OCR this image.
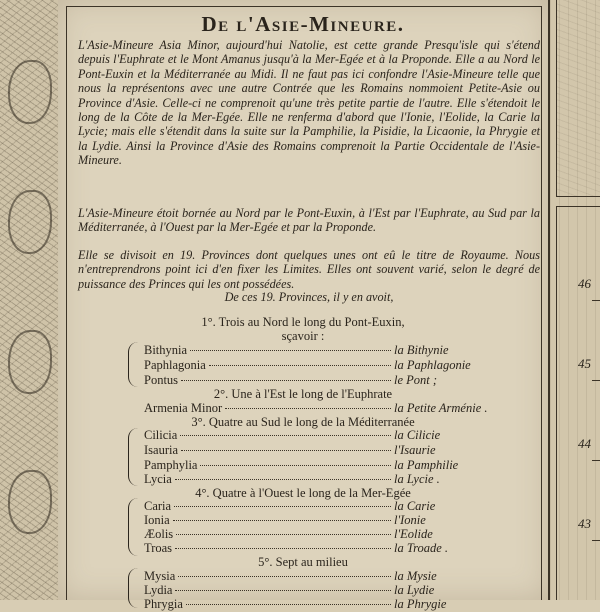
De l'Asie-Mineure.

L'Asie-Mineure Asia Minor, aujourd'hui Natolie, est cette grande Presqu'isle qui s'étend depuis l'Euphrate et le Mont Amanus jusqu'à la Mer-Egée et à la Proponde. Elle a au Nord le Pont-Euxin et la Méditerranée au Midi. Il ne faut pas ici confondre l'Asie-Mineure telle que nous la représentons avec une autre Contrée que les Romains nommoient Petite-Asie ou Province d'Asie. Celle-ci ne comprenoit qu'une très petite partie de l'autre. Elle s'étendoit le long de la Côte de la Mer-Egée. Elle ne renferma d'abord que l'Ionie, l'Eolide, la Carie la Lycie; mais elle s'étendit dans la suite sur la Pamphilie, la Pisidie, la Licaonie, la Phrygie et la Lydie. Ainsi la Province d'Asie des Romains comprenoit la Partie Occidentale de l'Asie-Mineure.

L'Asie-Mineure étoit bornée au Nord par le Pont-Euxin, à l'Est par l'Euphrate, au Sud par la Méditerranée, à l'Ouest par la Mer-Egée et par la Proponde.

Elle se divisoit en 19. Provinces dont quelques unes ont eû le titre de Royaume. Nous n'entreprendrons point ici d'en fixer les Limites. Elles ont souvent varié, selon le degré de puissance des Princes qui les ont possédées.

De ces 19. Provinces, il y en avoit,

1°. Trois au Nord le long du Pont-Euxin,
sçavoir :
Bithynia	la Bithynie
Paphlagonia	la Paphlagonie
Pontus	le Pont ;
2°. Une à l'Est le long de l'Euphrate
Armenia Minor	la Petite Arménie .
3°. Quatre au Sud le long de la Méditerranée
Cilicia	la Cilicie
Isauria	l'Isaurie
Pamphylia	la Pamphilie
Lycia	la Lycie .
4°. Quatre à l'Ouest le long de la Mer-Egée
Caria	la Carie
Ionia	l'Ionie
Æolis	l'Eolide
Troas	la Troade .
5°. Sept au milieu
Mysia	la Mysie
Lydia	la Lydie
Phrygia	la Phrygie
46
45
44
43
